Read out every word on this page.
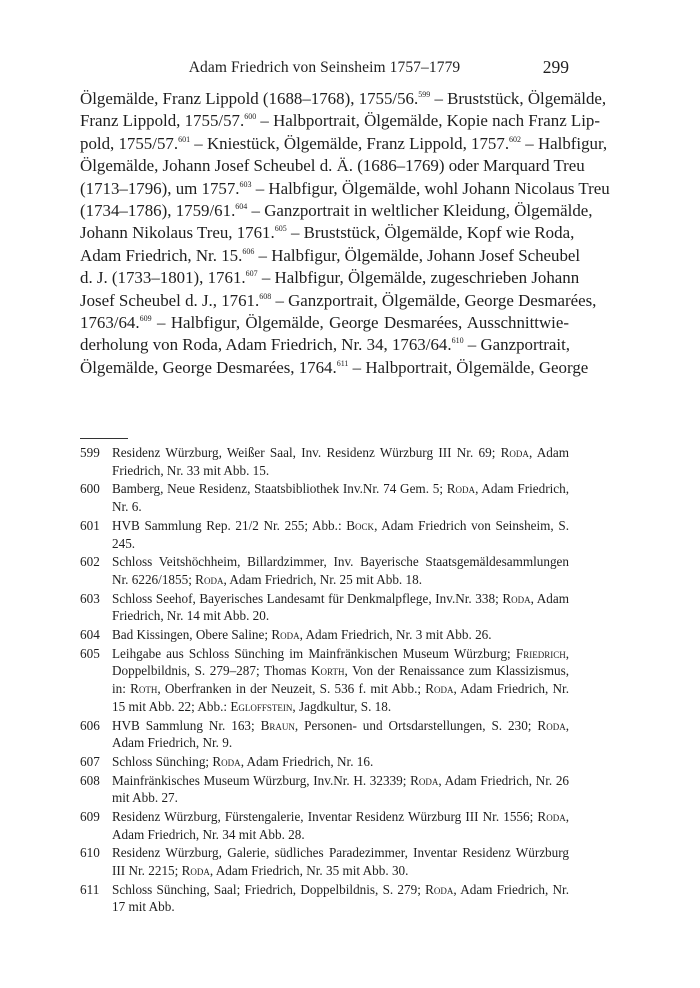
Adam Friedrich von Seinsheim 1757–1779	299
Ölgemälde, Franz Lippold (1688–1768), 1755/56.$^{599}$ – Bruststück, Ölgemälde,
Franz Lippold, 1755/57.$^{600}$ – Halbportrait, Ölgemälde, Kopie nach Franz Lip-
pold, 1755/57.$^{601}$ – Kniestück, Ölgemälde, Franz Lippold, 1757.$^{602}$ – Halbfigur,
Ölgemälde, Johann Josef Scheubel d. Ä. (1686–1769) oder Marquard Treu
(1713–1796), um 1757.$^{603}$ – Halbfigur, Ölgemälde, wohl Johann Nicolaus Treu
(1734–1786), 1759/61.$^{604}$ – Ganzportrait in weltlicher Kleidung, Ölgemälde,
Johann Nikolaus Treu, 1761.$^{605}$ – Bruststück, Ölgemälde, Kopf wie Roda,
Adam Friedrich, Nr. 15.$^{606}$ – Halbfigur, Ölgemälde, Johann Josef Scheubel
d. J. (1733–1801), 1761.$^{607}$ – Halbfigur, Ölgemälde, zugeschrieben Johann
Josef Scheubel d. J., 1761.$^{608}$ – Ganzportrait, Ölgemälde, George Desmarées,
1763/64.$^{609}$ – Halbfigur, Ölgemälde, George Desmarées, Ausschnittwie-
derholung von Roda, Adam Friedrich, Nr. 34, 1763/64.$^{610}$ – Ganzportrait,
Ölgemälde, George Desmarées, 1764.$^{611}$ – Halbportrait, Ölgemälde, George
599 Residenz Würzburg, Weißer Saal, Inv. Residenz Würzburg III Nr. 69; Roda, Adam Friedrich, Nr. 33 mit Abb. 15.
600 Bamberg, Neue Residenz, Staatsbibliothek Inv.Nr. 74 Gem. 5; Roda, Adam Friedrich, Nr. 6.
601 HVB Sammlung Rep. 21/2 Nr. 255; Abb.: Bock, Adam Friedrich von Seinsheim, S. 245.
602 Schloss Veitshöchheim, Billardzimmer, Inv. Bayerische Staatsgemäldesammlungen Nr. 6226/1855; Roda, Adam Friedrich, Nr. 25 mit Abb. 18.
603 Schloss Seehof, Bayerisches Landesamt für Denkmalpflege, Inv.Nr. 338; Roda, Adam Friedrich, Nr. 14 mit Abb. 20.
604 Bad Kissingen, Obere Saline; Roda, Adam Friedrich, Nr. 3 mit Abb. 26.
605 Leihgabe aus Schloss Sünching im Mainfränkischen Museum Würzburg; Friedrich, Doppelbildnis, S. 279–287; Thomas Korth, Von der Renaissance zum Klassizismus, in: Roth, Oberfranken in der Neuzeit, S. 536 f. mit Abb.; Roda, Adam Friedrich, Nr. 15 mit Abb. 22; Abb.: Egloffstein, Jagdkultur, S. 18.
606 HVB Sammlung Nr. 163; Braun, Personen- und Ortsdarstellungen, S. 230; Roda, Adam Friedrich, Nr. 9.
607 Schloss Sünching; Roda, Adam Friedrich, Nr. 16.
608 Mainfränkisches Museum Würzburg, Inv.Nr. H. 32339; Roda, Adam Friedrich, Nr. 26 mit Abb. 27.
609 Residenz Würzburg, Fürstengalerie, Inventar Residenz Würzburg III Nr. 1556; Roda, Adam Friedrich, Nr. 34 mit Abb. 28.
610 Residenz Würzburg, Galerie, südliches Paradezimmer, Inventar Residenz Würzburg III Nr. 2215; Roda, Adam Friedrich, Nr. 35 mit Abb. 30.
611 Schloss Sünching, Saal; Friedrich, Doppelbildnis, S. 279; Roda, Adam Friedrich, Nr. 17 mit Abb.
